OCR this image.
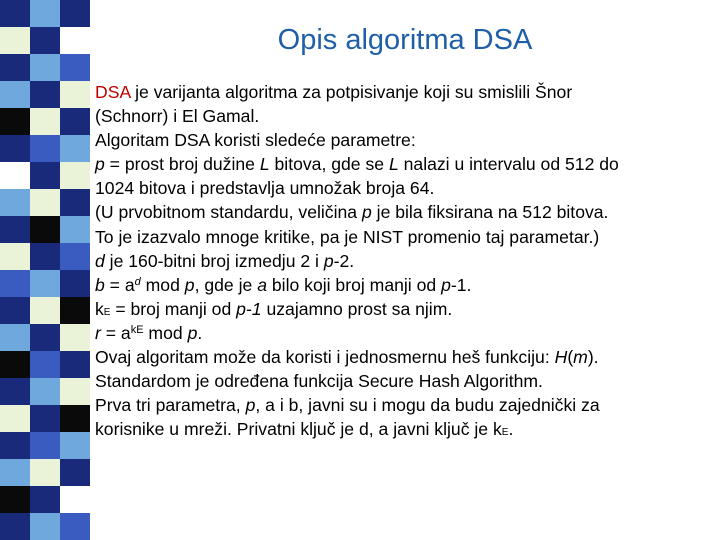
Opis algoritma DSA
DSA je varijanta algoritma za potpisivanje koji su smislili Šnor
(Schnorr) i El Gamal.
Algoritam DSA koristi sledeće parametre:
p = prost broj dužine L bitova, gde se L nalazi u intervalu od 512 do
1024 bitova i predstavlja umnožak broja 64.
(U prvobitnom standardu, veličina p je bila fiksirana na 512 bitova.
To je izazvalo mnoge kritike, pa je NIST promenio taj parametar.)
d je 160-bitni broj izmedju 2 i p-2.
$b = a^d$ mod p, gde je a bilo koji broj manji od p-1.
kE = broj manji od p-1 uzajamno prost sa njim.
$r = a^{kE}$ mod p.
Ovaj algoritam može da koristi i jednosmernu heš funkciju: H(m).
Standardom je određena funkcija Secure Hash Algorithm.
Prva tri parametra, p, a i b, javni su i mogu da budu zajednički za
korisnike u mreži. Privatni ključ je d, a javni ključ je kE.
